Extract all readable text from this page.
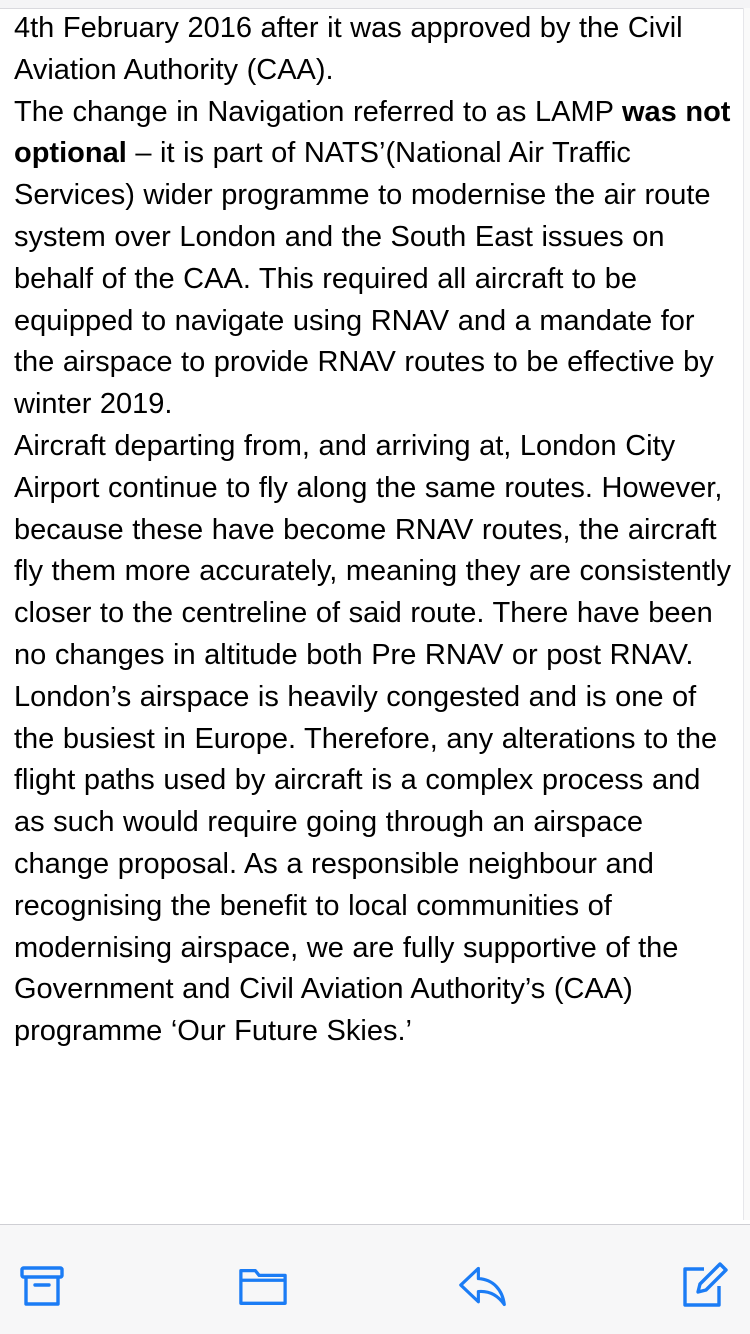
4th February 2016 after it was approved by the Civil Aviation Authority (CAA).

The change in Navigation referred to as LAMP was not optional – it is part of NATS’(National Air Traffic Services) wider programme to modernise the air route system over London and the South East issues on behalf of the CAA. This required all aircraft to be equipped to navigate using RNAV and a mandate for the airspace to provide RNAV routes to be effective by winter 2019.

Aircraft departing from, and arriving at, London City Airport continue to fly along the same routes. However, because these have become RNAV routes, the aircraft fly them more accurately, meaning they are consistently closer to the centreline of said route. There have been no changes in altitude both Pre RNAV or post RNAV.

London’s airspace is heavily congested and is one of the busiest in Europe. Therefore, any alterations to the flight paths used by aircraft is a complex process and as such would require going through an airspace change proposal. As a responsible neighbour and recognising the benefit to local communities of modernising airspace, we are fully supportive of the Government and Civil Aviation Authority’s (CAA) programme ‘Our Future Skies.’
